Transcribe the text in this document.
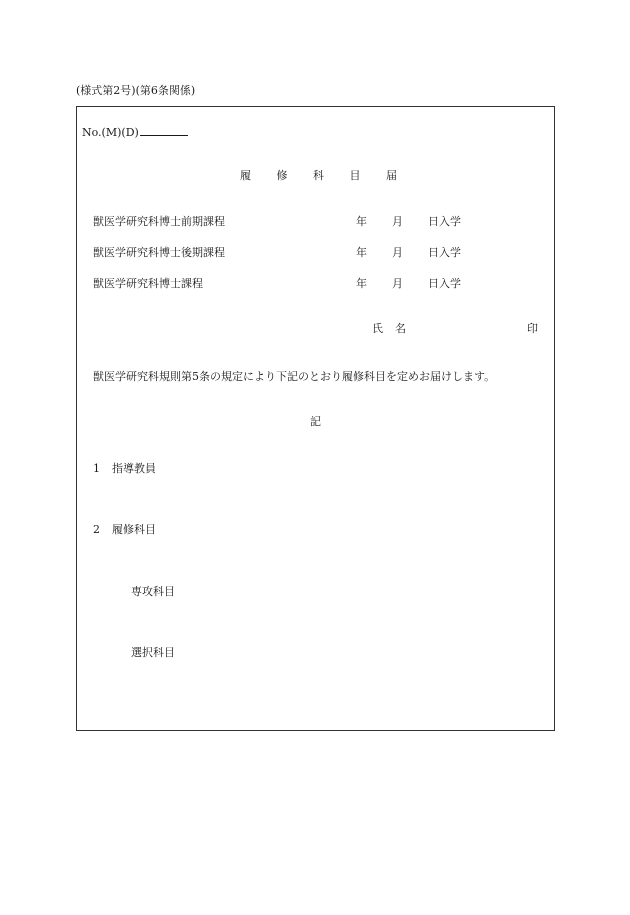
(様式第2号)(第6条関係)
No.(M)(D)
履 修 科 目 届
獣医学研究科博士前期課程	年 月 日入学
獣医学研究科博士後期課程	年 月 日入学
獣医学研究科博士課程	年 月 日入学
氏 名	印
獣医学研究科規則第5条の規定により下記のとおり履修科目を定めお届けします。
記
1 指導教員
2 履修科目
専攻科目
選択科目
